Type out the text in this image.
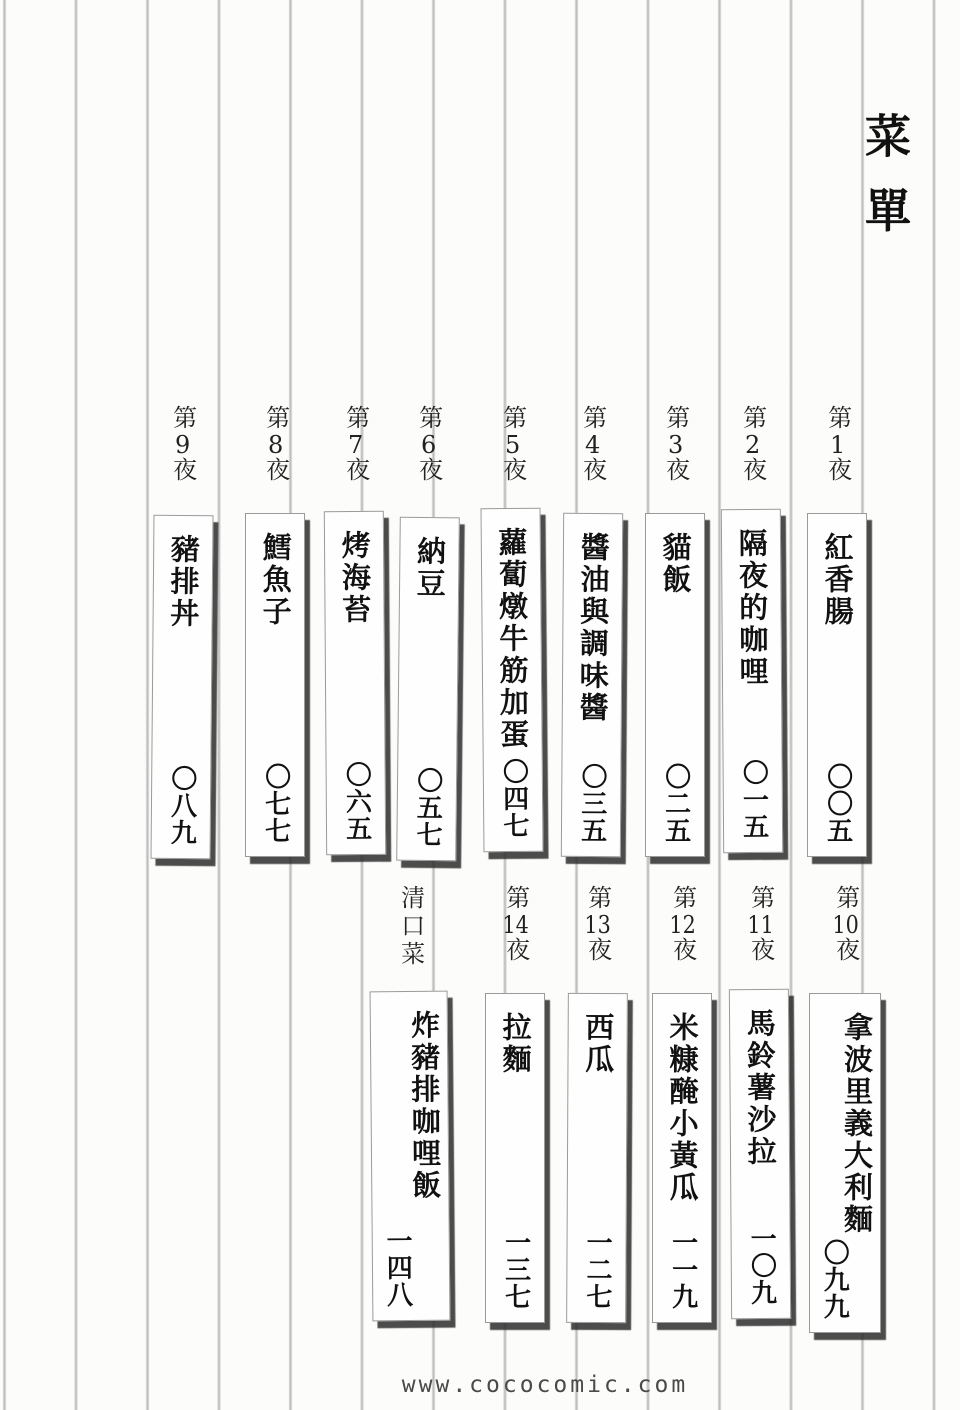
菜單
第1夜
紅香腸
〇〇五
第2夜
隔夜的咖哩
〇一五
第3夜
貓飯
〇二五
第4夜
醬油與調味醬
〇三五
第5夜
蘿蔔燉牛筋加蛋
〇四七
第6夜
納豆
〇五七
第7夜
烤海苔
〇六五
第8夜
鱈魚子
〇七七
第9夜
豬排丼
〇八九
第10夜
拿波里義大利麵
〇九九
第11夜
馬鈴薯沙拉
一〇九
第12夜
米糠醃小黃瓜
一一九
第13夜
西瓜
一二七
第14夜
拉麵
一三七
清口菜
炸豬排咖哩飯
一四八
www.cococomic.com
